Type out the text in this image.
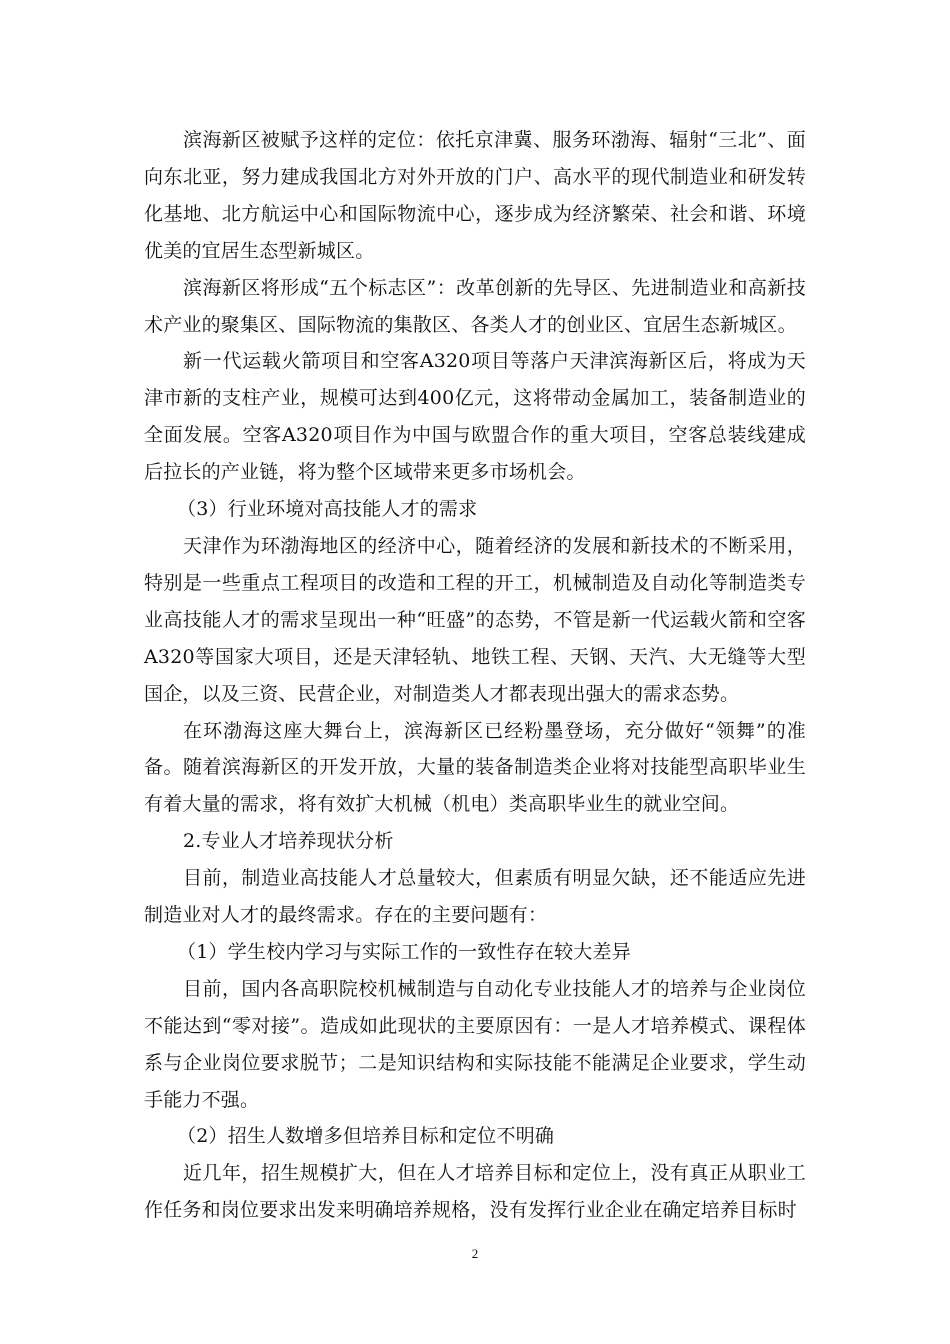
滨海新区被赋予这样的定位：依托京津冀、服务环渤海、辐射“三北”、面向东北亚，努力建成我国北方对外开放的门户、高水平的现代制造业和研发转化基地、北方航运中心和国际物流中心，逐步成为经济繁荣、社会和谐、环境优美的宜居生态型新城区。

滨海新区将形成“五个标志区”：改革创新的先导区、先进制造业和高新技术产业的聚集区、国际物流的集散区、各类人才的创业区、宜居生态新城区。

新一代运载火箭项目和空客A320项目等落户天津滨海新区后，将成为天津市新的支柱产业，规模可达到400亿元，这将带动金属加工，装备制造业的全面发展。空客A320项目作为中国与欧盟合作的重大项目，空客总装线建成后拉长的产业链，将为整个区域带来更多市场机会。

（3）行业环境对高技能人才的需求

天津作为环渤海地区的经济中心，随着经济的发展和新技术的不断采用，特别是一些重点工程项目的改造和工程的开工，机械制造及自动化等制造类专业高技能人才的需求呈现出一种“旺盛”的态势，不管是新一代运载火箭和空客A320等国家大项目，还是天津轻轨、地铁工程、天钢、天汽、大无缝等大型国企，以及三资、民营企业，对制造类人才都表现出强大的需求态势。

在环渤海这座大舞台上，滨海新区已经粉墨登场，充分做好“领舞”的准备。随着滨海新区的开发开放，大量的装备制造类企业将对技能型高职毕业生有着大量的需求，将有效扩大机械（机电）类高职毕业生的就业空间。

2.专业人才培养现状分析

目前，制造业高技能人才总量较大，但素质有明显欠缺，还不能适应先进制造业对人才的最终需求。存在的主要问题有：

（1）学生校内学习与实际工作的一致性存在较大差异

目前，国内各高职院校机械制造与自动化专业技能人才的培养与企业岗位不能达到“零对接”。造成如此现状的主要原因有：一是人才培养模式、课程体系与企业岗位要求脱节；二是知识结构和实际技能不能满足企业要求，学生动手能力不强。

（2）招生人数增多但培养目标和定位不明确

近几年，招生规模扩大，但在人才培养目标和定位上，没有真正从职业工作任务和岗位要求出发来明确培养规格，没有发挥行业企业在确定培养目标时

2
